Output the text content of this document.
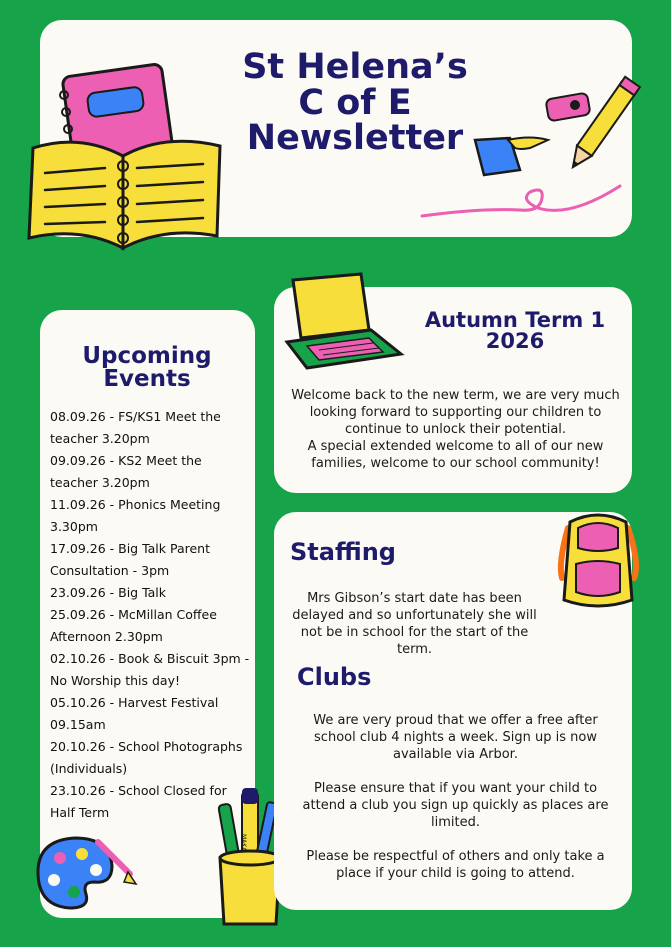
St Helena’s
C of E
Newsletter
Upcoming
Events

08.09.26 - FS/KS1 Meet the teacher 3.20pm

09.09.26 - KS2 Meet the teacher 3.20pm

11.09.26 - Phonics Meeting 3.30pm

17.09.26 - Big Talk Parent Consultation - 3pm

23.09.26 - Big Talk

25.09.26 - McMillan Coffee Afternoon 2.30pm

02.10.26 - Book & Biscuit 3pm - No Worship this day!

05.10.26 - Harvest Festival 09.15am

20.10.26 - School Photographs (Individuals)

23.10.26 - School Closed for Half Term

MAKA
Autumn Term 1
2026
Welcome back to the new term, we are very much looking forward to supporting our children to continue to unlock their potential.
A special extended welcome to all of our new families, welcome to our school community!
Staffing
Mrs Gibson’s start date has been delayed and so unfortunately she will not be in school for the start of the term.
Clubs
We are very proud that we offer a free after school club 4 nights a week. Sign up is now available via Arbor.
Please ensure that if you want your child to attend a club you sign up quickly as places are limited.
Please be respectful of others and only take a place if your child is going to attend.
